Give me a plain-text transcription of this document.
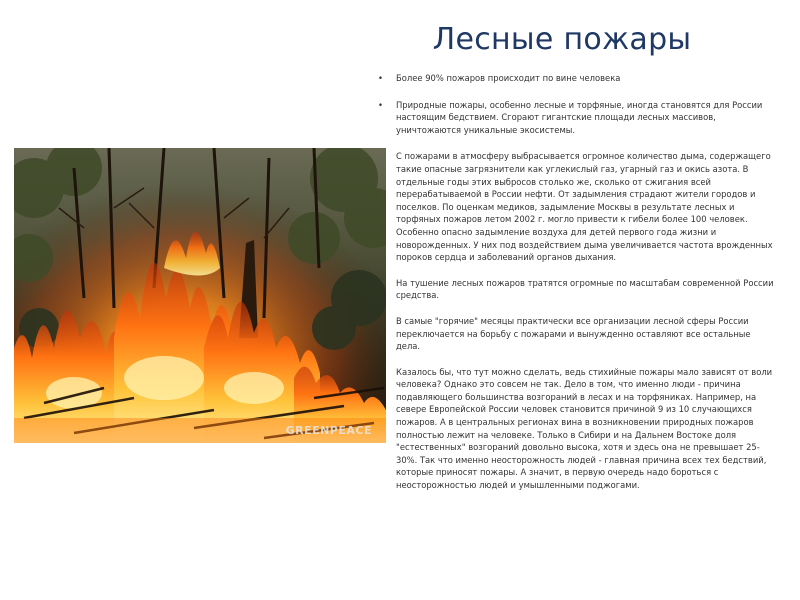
Лесные пожары
GREENPEACE
• Более 90% пожаров происходит по вине человека
• Природные пожары, особенно лесные и торфяные, иногда становятся для России настоящим бедствием. Сгорают гигантские площади лесных массивов, уничтожаются уникальные экосистемы.

С пожарами в атмосферу выбрасывается огромное количество дыма, содержащего такие опасные загрязнители как углекислый газ, угарный газ и окись азота. В отдельные годы этих выбросов столько же, сколько от сжигания всей перерабатываемой в России нефти. От задымления страдают жители городов и поселков. По оценкам медиков, задымление Москвы в результате лесных и торфяных пожаров летом 2002 г. могло привести к гибели более 100 человек. Особенно опасно задымление воздуха для детей первого года жизни и новорожденных. У них под воздействием дыма увеличивается частота врожденных пороков сердца и заболеваний органов дыхания.

На тушение лесных пожаров тратятся огромные по масштабам современной России средства.

В самые "горячие" месяцы практически все организации лесной сферы России переключается на борьбу с пожарами и вынужденно оставляют все остальные дела.

Казалось бы, что тут можно сделать, ведь стихийные пожары мало зависят от воли человека? Однако это совсем не так. Дело в том, что именно люди - причина подавляющего большинства возгораний в лесах и на торфяниках. Например, на севере Европейской России человек становится причиной 9 из 10 случающихся пожаров. А в центральных регионах вина в возникновении природных пожаров полностью лежит на человеке. Только в Сибири и на Дальнем Востоке доля "естественных" возгораний довольно высока, хотя и здесь она не превышает 25-30%. Так что именно неосторожность людей - главная причина всех тех бедствий, которые приносят пожары. А значит, в первую очередь надо бороться с неосторожностью людей и умышленными поджогами.
